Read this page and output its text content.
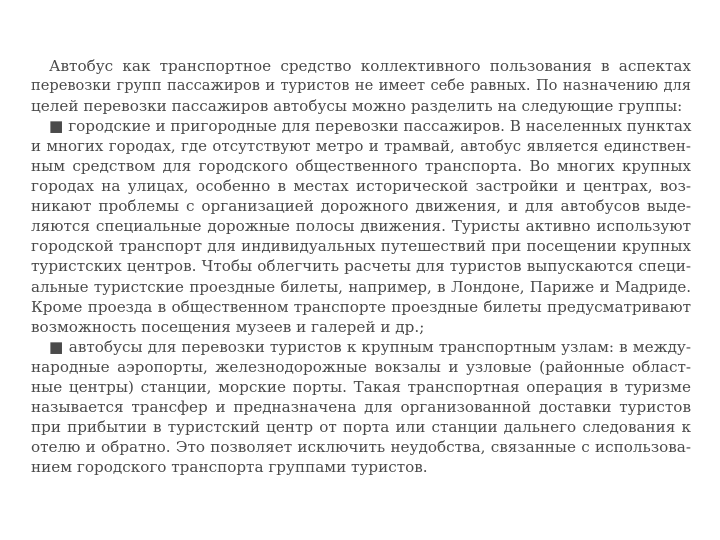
Автобус как транспортное средство коллективного пользования в аспектах
перевозки групп пассажиров и туристов не имеет себе равных. По назначению для
целей перевозки пассажиров автобусы можно разделить на следующие группы:
■ городские и пригородные для перевозки пассажиров. В населенных пунктах
и многих городах, где отсутствуют метро и трамвай, автобус является единствен-
ным средством для городского общественного транспорта. Во многих крупных
городах на улицах, особенно в местах исторической застройки и центрах, воз-
никают проблемы с организацией дорожного движения, и для автобусов выде-
ляются специальные дорожные полосы движения. Туристы активно используют
городской транспорт для индивидуальных путешествий при посещении крупных
туристских центров. Чтобы облегчить расчеты для туристов выпускаются специ-
альные туристские проездные билеты, например, в Лондоне, Париже и Мадриде.
Кроме проезда в общественном транспорте проездные билеты предусматривают
возможность посещения музеев и галерей и др.;
■ автобусы для перевозки туристов к крупным транспортным узлам: в между-
народные аэропорты, железнодорожные вокзалы и узловые (районные област-
ные центры) станции, морские порты. Такая транспортная операция в туризме
называется трансфер и предназначена для организованной доставки туристов
при прибытии в туристский центр от порта или станции дальнего следования к
отелю и обратно. Это позволяет исключить неудобства, связанные с использова-
нием городского транспорта группами туристов.
